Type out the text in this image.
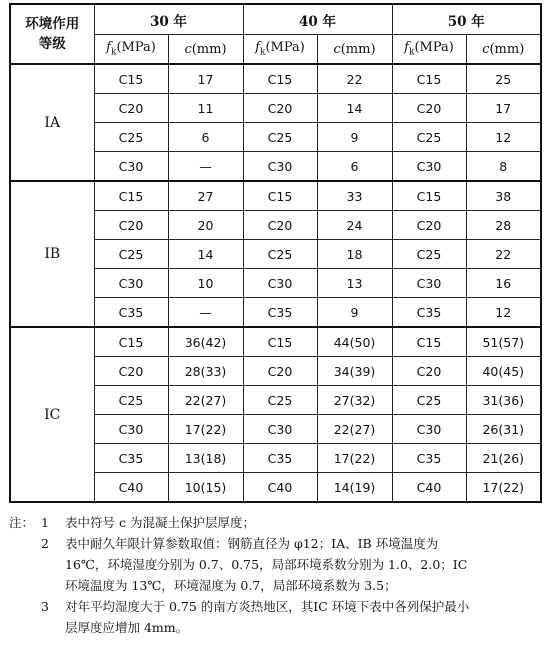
环境作用
等级	30 年		40 年		50 年	
	$f_k(MPa)$	c(mm)	$f_k(MPa)$	c(mm)	$f_k(MPa)$	c(mm)
ⅠA	C15	17	C15	22	C15	25
	C20	11	C20	14	C20	17
	C25	6	C25	9	C25	12
	C30	—	C30	6	C30	8
ⅠB	C15	27	C15	33	C15	38
	C20	20	C20	24	C20	28
	C25	14	C25	18	C25	22
	C30	10	C30	13	C30	16
	C35	—	C35	9	C35	12
ⅠC	C15	36(42)	C15	44(50)	C15	51(57)
	C20	28(33)	C20	34(39)	C20	40(45)
	C25	22(27)	C25	27(32)	C25	31(36)
	C30	17(22)	C30	22(27)	C30	26(31)
	C35	13(18)	C35	17(22)	C35	21(26)
	C40	10(15)	C40	14(19)	C40	17(22)
注： 1	表中符号 c 为混凝土保护层厚度；
2	表中耐久年限计算参数取值：钢筋直径为 φ12；ⅠA、ⅠB 环境温度为
16℃，环境湿度分别为 0.7、0.75，局部环境系数分别为 1.0、2.0；ⅠC
环境温度为 13℃，环境湿度为 0.7，局部环境系数为 3.5；
3	对年平均湿度大于 0.75 的南方炎热地区，其ⅠC 环境下表中各列保护最小
层厚度应增加 4mm。
